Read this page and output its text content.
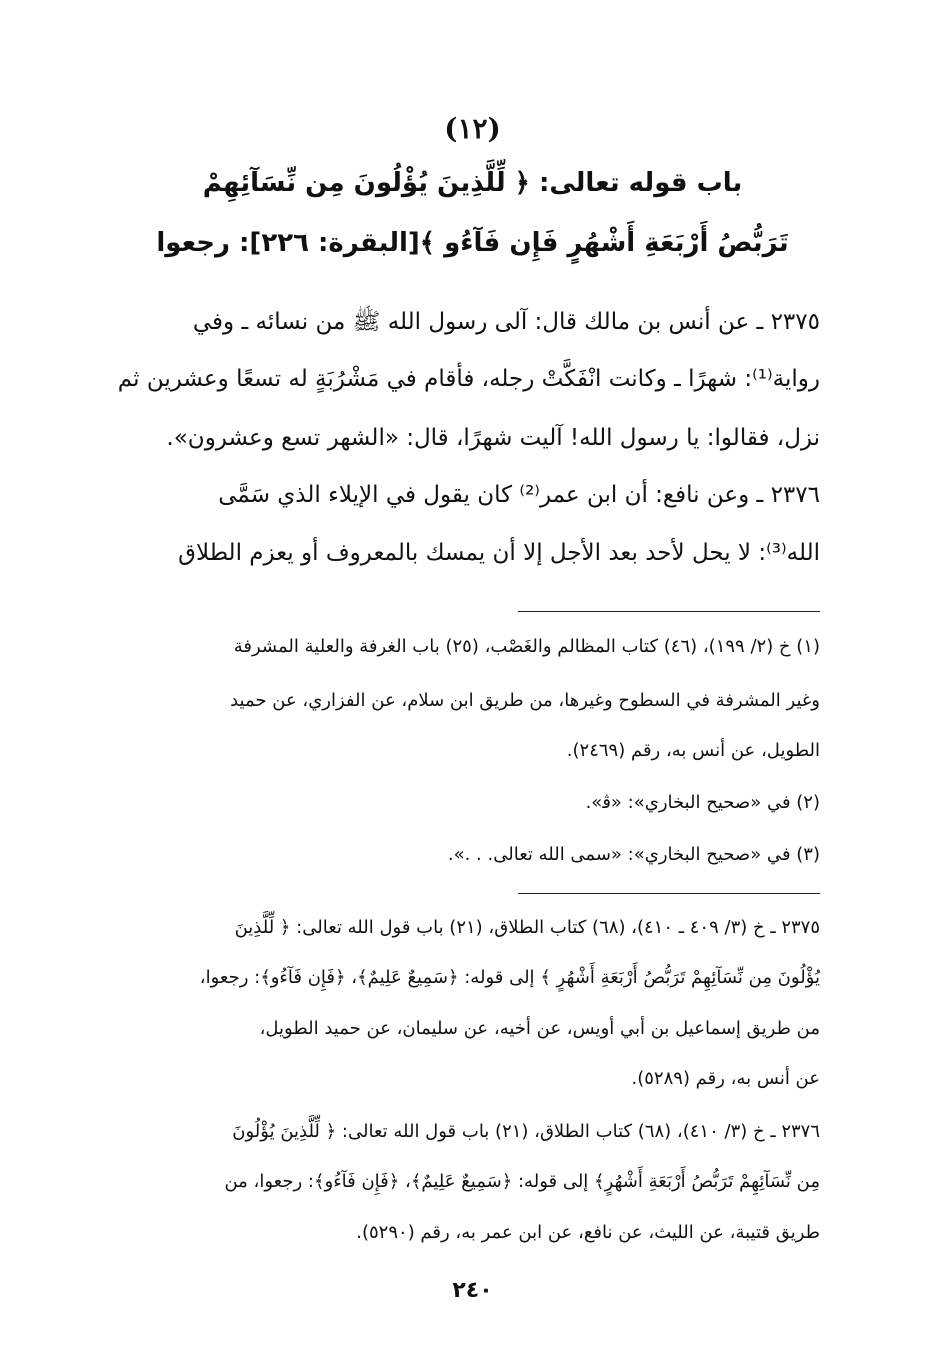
(١٢)
باب قوله تعالى: ﴿ لِّلَّذِينَ يُؤْلُونَ مِن نِّسَآئِهِمْ
تَرَبُّصُ أَرْبَعَةِ أَشْهُرٍ فَإِن فَآءُو ﴾[البقرة: ٢٢٦]: رجعوا
٢٣٧٥ ـ عن أنس بن مالك قال: آلى رسول الله ﷺ من نسائه ـ وفي
رواية⁽¹⁾: شهرًا ـ وكانت انْفَكَّتْ رجله، فأقام في مَشْرُبَةٍ له تسعًا وعشرين ثم
نزل، فقالوا: يا رسول الله! آليت شهرًا، قال: «الشهر تسع وعشرون».
٢٣٧٦ ـ وعن نافع: أن ابن عمر⁽²⁾ كان يقول في الإيلاء الذي سَمَّى
الله⁽³⁾: لا يحل لأحد بعد الأجل إلا أن يمسك بالمعروف أو يعزم الطلاق
(١) خ (٢/ ١٩٩)، (٤٦) كتاب المظالم والغَصْب، (٢٥) باب الغرفة والعلية المشرفة
وغير المشرفة في السطوح وغيرها، من طريق ابن سلام، عن الفزاري، عن حميد
الطويل، عن أنس به، رقم (٢٤٦٩).
(٢) في «صحيح البخاري»: «ﭬ».
(٣) في «صحيح البخاري»: «سمى الله تعالى. . .».
٢٣٧٥ ـ خ (٣/ ٤٠٩ ـ ٤١٠)، (٦٨) كتاب الطلاق، (٢١) باب قول الله تعالى: ﴿ لِّلَّذِينَ
يُؤْلُونَ مِن نِّسَآئِهِمْ تَرَبُّصُ أَرْبَعَةِ أَشْهُرٍ ﴾ إلى قوله: ﴿سَمِيعٌ عَلِيمٌ﴾، ﴿فَإِن فَآءُو﴾: رجعوا،
من طريق إسماعيل بن أبي أويس، عن أخيه، عن سليمان، عن حميد الطويل،
عن أنس به، رقم (٥٢٨٩).
٢٣٧٦ ـ خ (٣/ ٤١٠)، (٦٨) كتاب الطلاق، (٢١) باب قول الله تعالى: ﴿ لِّلَّذِينَ يُؤْلُونَ
مِن نِّسَآئِهِمْ تَرَبُّصُ أَرْبَعَةِ أَشْهُرٍ﴾ إلى قوله: ﴿سَمِيعٌ عَلِيمٌ﴾، ﴿فَإِن فَآءُو﴾: رجعوا، من
طريق قتيبة، عن الليث، عن نافع، عن ابن عمر به، رقم (٥٢٩٠).
٢٤٠
